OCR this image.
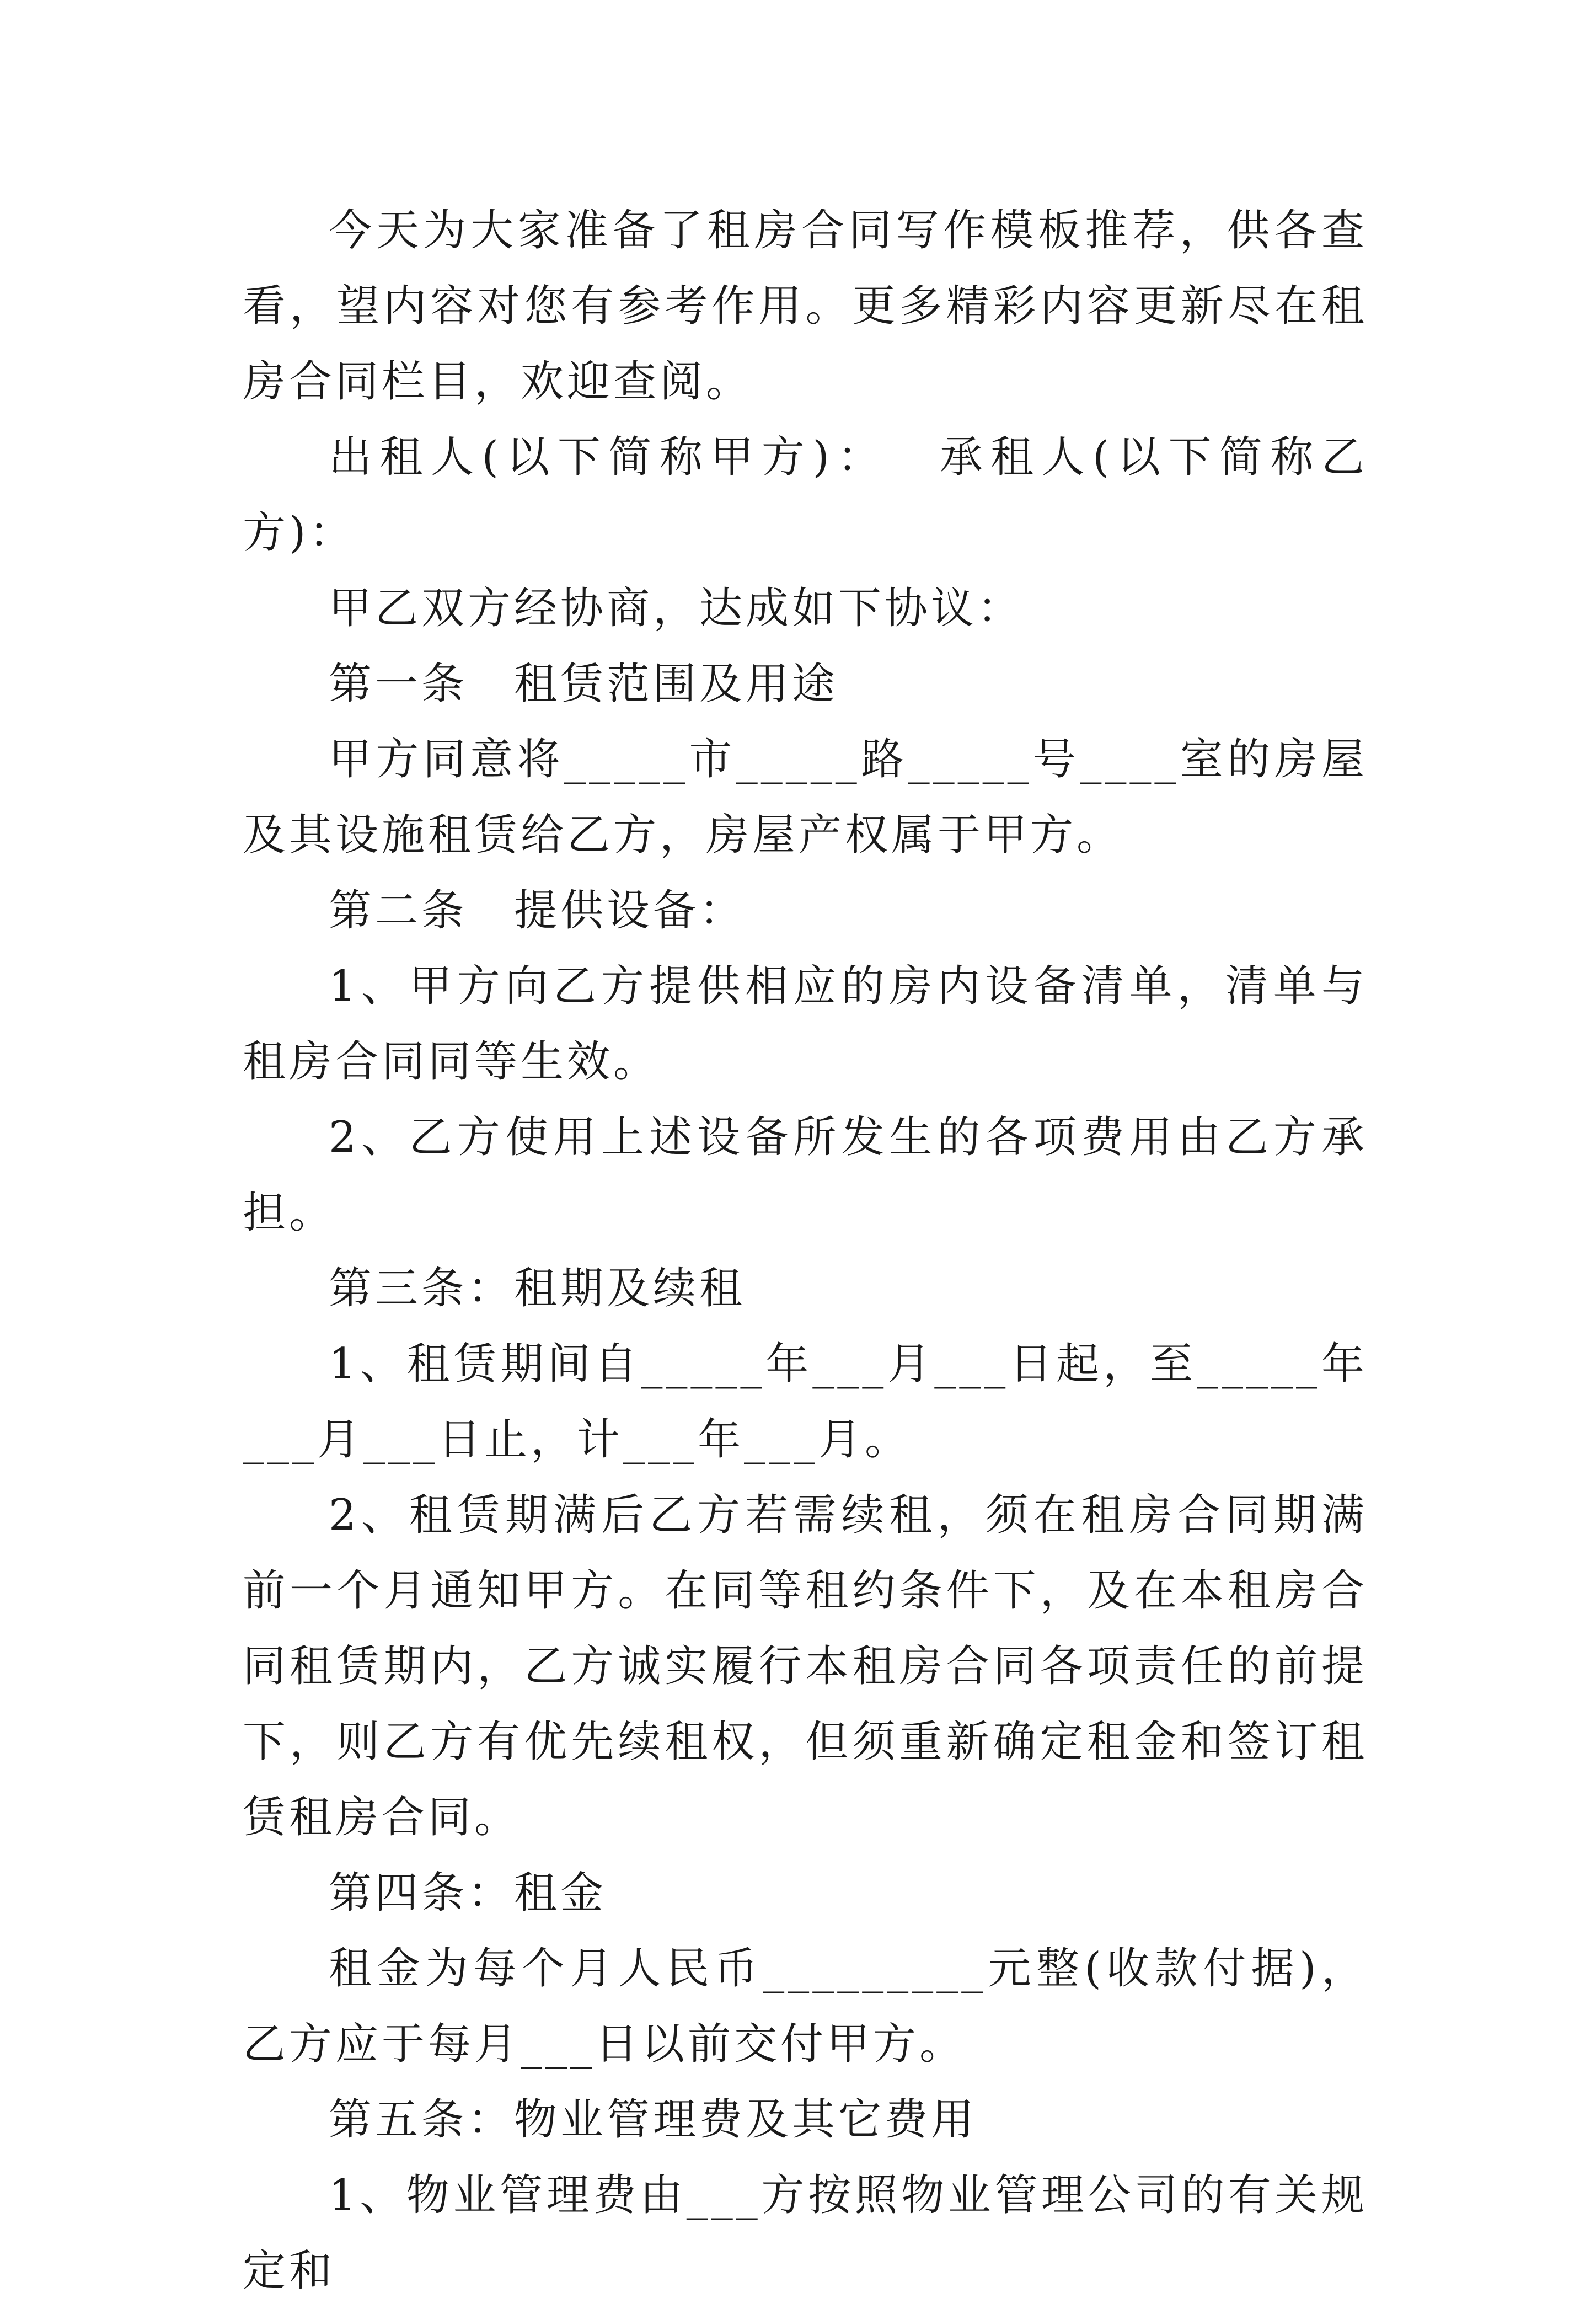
今天为大家准备了租房合同写作模板推荐，供各查看，望内容对您有参考作用。更多精彩内容更新尽在租房合同栏目，欢迎查阅。

出租人(以下简称甲方)：　 承租人(以下简称乙方)：

甲乙双方经协商，达成如下协议：

第一条　租赁范围及用途

甲方同意将_____市_____路_____号____室的房屋及其设施租赁给乙方，房屋产权属于甲方。

第二条　提供设备：

1、甲方向乙方提供相应的房内设备清单，清单与租房合同同等生效。

2、乙方使用上述设备所发生的各项费用由乙方承担。

第三条：租期及续租

1、租赁期间自_____年___月___日起，至_____年___月___日止，计___年___月。

2、租赁期满后乙方若需续租，须在租房合同期满前一个月通知甲方。在同等租约条件下，及在本租房合同租赁期内，乙方诚实履行本租房合同各项责任的前提下，则乙方有优先续租权，但须重新确定租金和签订租赁租房合同。

第四条：租金

租金为每个月人民币_________元整(收款付据)，乙方应于每月___日以前交付甲方。

第五条：物业管理费及其它费用

1、物业管理费由___方按照物业管理公司的有关规定和
